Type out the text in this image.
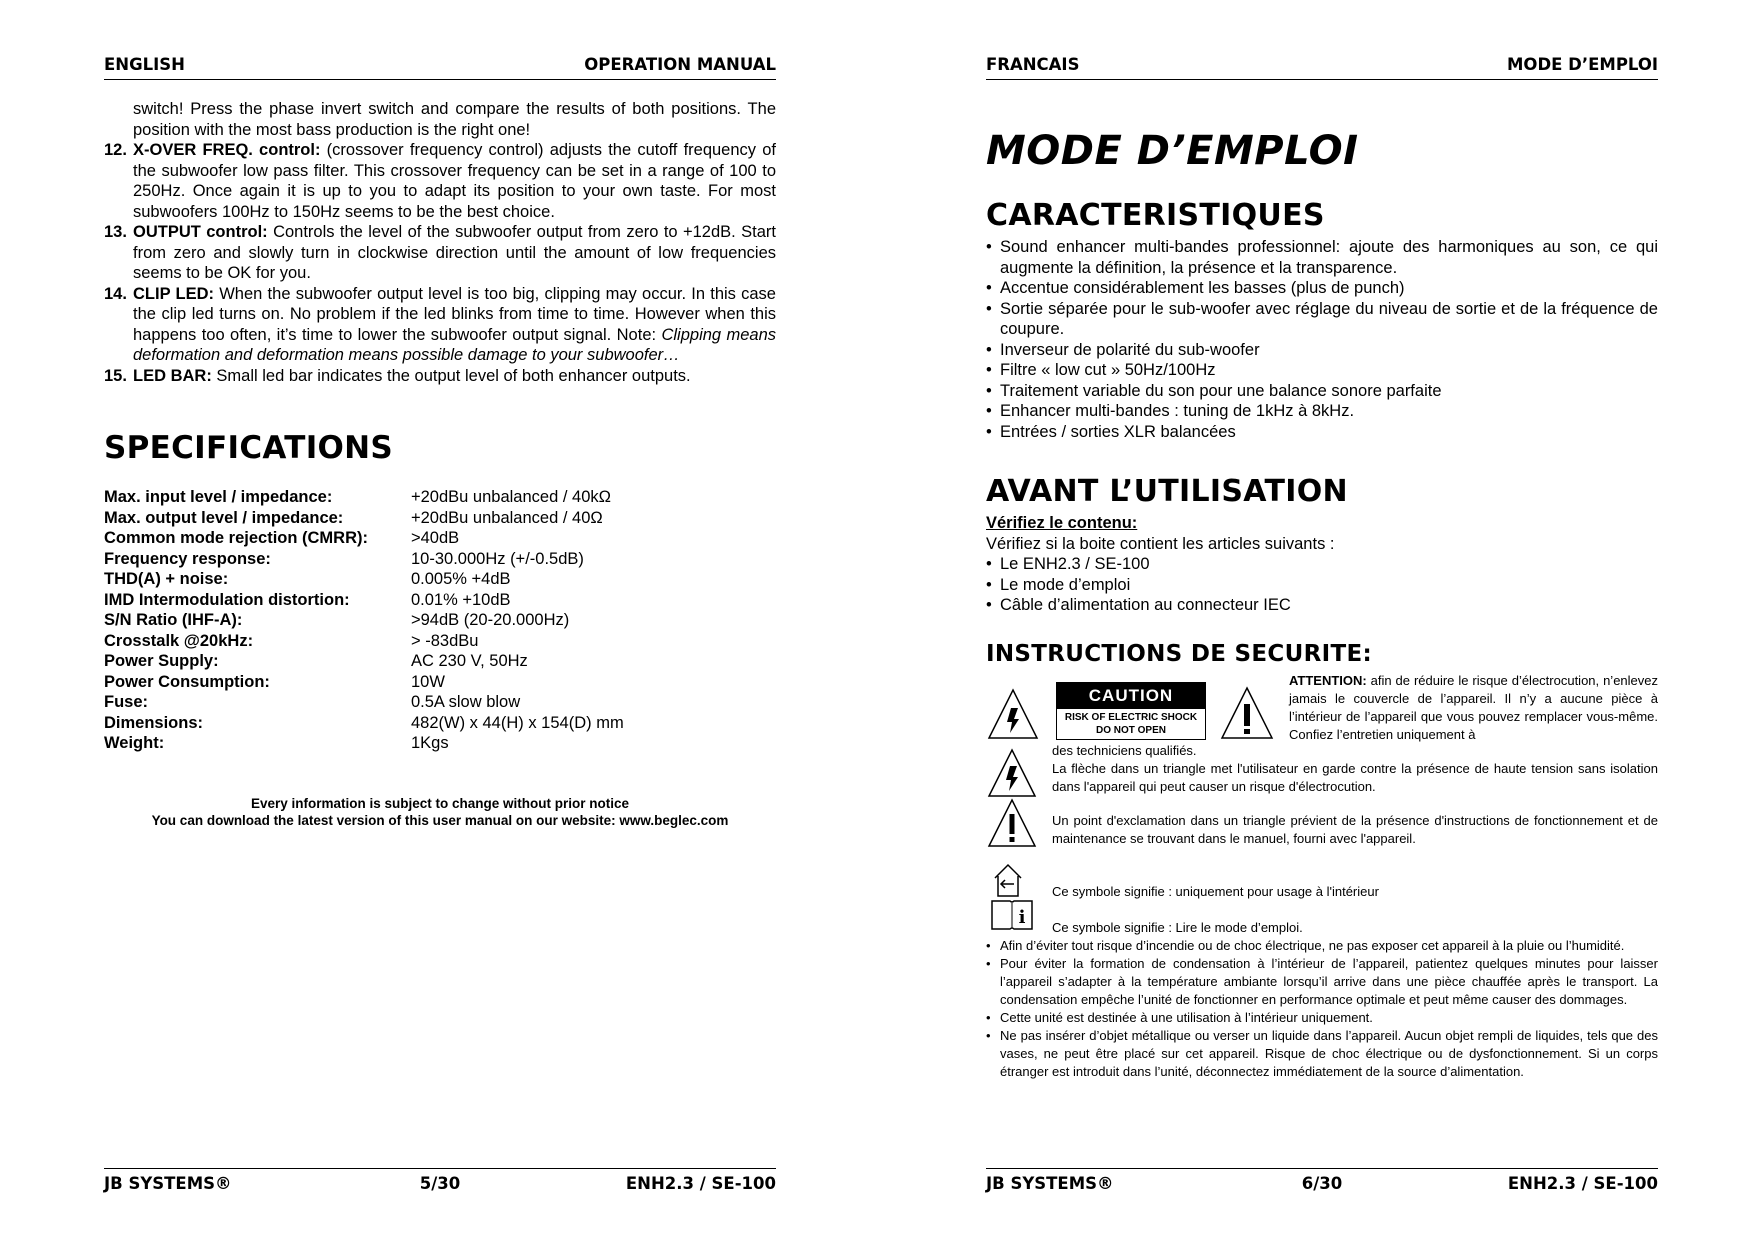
ENGLISH	OPERATION MANUAL
switch! Press the phase invert switch and compare the results of both positions. The position with the most bass production is the right one!
12. X-OVER FREQ. control: (crossover frequency control) adjusts the cutoff frequency of the subwoofer low pass filter. This crossover frequency can be set in a range of 100 to 250Hz. Once again it is up to you to adapt its position to your own taste. For most subwoofers 100Hz to 150Hz seems to be the best choice.
13. OUTPUT control: Controls the level of the subwoofer output from zero to +12dB. Start from zero and slowly turn in clockwise direction until the amount of low frequencies seems to be OK for you.
14. CLIP LED: When the subwoofer output level is too big, clipping may occur. In this case the clip led turns on. No problem if the led blinks from time to time. However when this happens too often, it’s time to lower the subwoofer output signal. Note: Clipping means deformation and deformation means possible damage to your subwoofer…
15. LED BAR: Small led bar indicates the output level of both enhancer outputs.
SPECIFICATIONS
Max. input level / impedance:	+20dBu unbalanced / 40kΩ
Max. output level / impedance:	+20dBu unbalanced / 40Ω
Common mode rejection (CMRR):	>40dB
Frequency response:	10-30.000Hz (+/-0.5dB)
THD(A) + noise:	0.005% +4dB
IMD Intermodulation distortion:	0.01% +10dB
S/N Ratio (IHF-A):	>94dB (20-20.000Hz)
Crosstalk @20kHz:	> -83dBu
Power Supply:	AC 230 V, 50Hz
Power Consumption:	10W
Fuse:	0.5A slow blow
Dimensions:	482(W) x 44(H) x 154(D) mm
Weight:	1Kgs
Every information is subject to change without prior notice
You can download the latest version of this user manual on our website: www.beglec.com
JB SYSTEMS®	5/30	ENH2.3 / SE-100
FRANCAIS	MODE D’EMPLOI
MODE D’EMPLOI
CARACTERISTIQUES
• Sound enhancer multi-bandes professionnel: ajoute des harmoniques au son, ce qui augmente la définition, la présence et la transparence.
• Accentue considérablement les basses (plus de punch)
• Sortie séparée pour le sub-woofer avec réglage du niveau de sortie et de la fréquence de coupure.
• Inverseur de polarité du sub-woofer
• Filtre « low cut » 50Hz/100Hz
• Traitement variable du son pour une balance sonore parfaite
• Enhancer multi-bandes : tuning de 1kHz à 8kHz.
• Entrées / sorties XLR balancées
AVANT L’UTILISATION
Vérifiez le contenu:
Vérifiez si la boite contient les articles suivants :
• Le ENH2.3 / SE-100
• Le mode d’emploi
• Câble d’alimentation au connecteur IEC
INSTRUCTIONS DE SECURITE:
CAUTION
RISK OF ELECTRIC SHOCK
DO NOT OPEN
ATTENTION: afin de réduire le risque d’électrocution, n’enlevez jamais le couvercle de l’appareil. Il n’y a aucune pièce à l’intérieur de l’appareil que vous pouvez remplacer vous-même. Confiez l’entretien uniquement à
des techniciens qualifiés.
La flèche dans un triangle met l'utilisateur en garde contre la présence de haute tension sans isolation dans l'appareil qui peut causer un risque d'électrocution.
Un point d'exclamation dans un triangle prévient de la présence d'instructions de fonctionnement et de maintenance se trouvant dans le manuel, fourni avec l'appareil.
Ce symbole signifie : uniquement pour usage à l'intérieur
i Ce symbole signifie : Lire le mode d’emploi.
• Afin d’éviter tout risque d’incendie ou de choc électrique, ne pas exposer cet appareil à la pluie ou l’humidité.
• Pour éviter la formation de condensation à l’intérieur de l’appareil, patientez quelques minutes pour laisser l’appareil s’adapter à la température ambiante lorsqu’il arrive dans une pièce chauffée après le transport. La condensation empêche l’unité de fonctionner en performance optimale et peut même causer des dommages.
• Cette unité est destinée à une utilisation à l’intérieur uniquement.
• Ne pas insérer d’objet métallique ou verser un liquide dans l’appareil. Aucun objet rempli de liquides, tels que des vases, ne peut être placé sur cet appareil. Risque de choc électrique ou de dysfonctionnement. Si un corps étranger est introduit dans l’unité, déconnectez immédiatement de la source d’alimentation.
JB SYSTEMS®	6/30	ENH2.3 / SE-100
